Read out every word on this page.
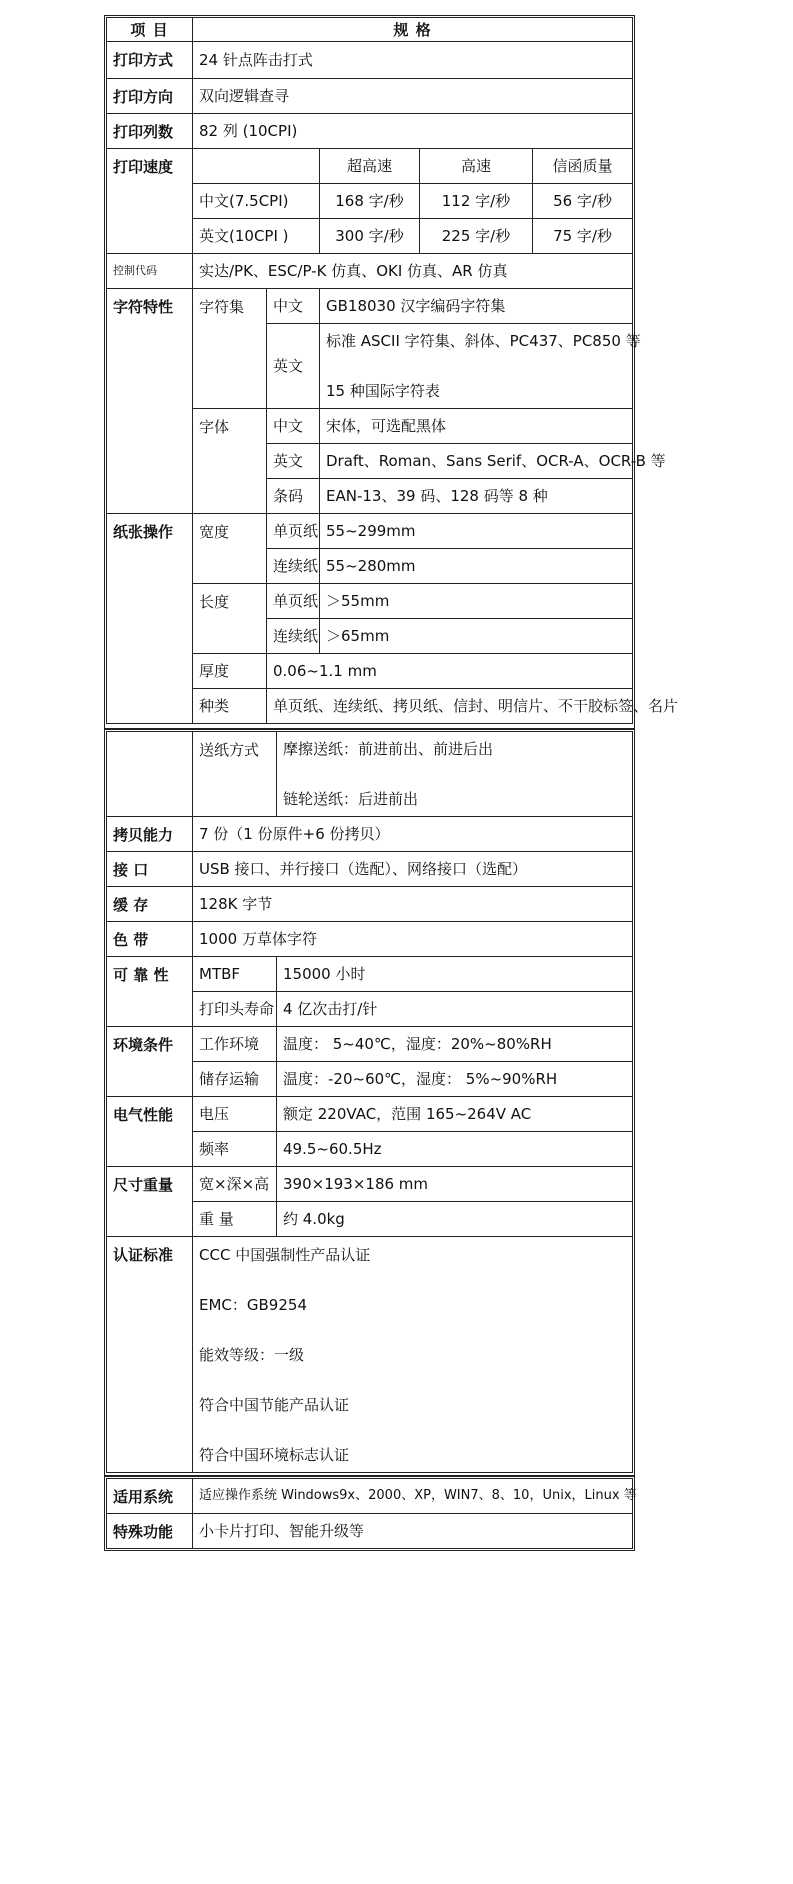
项 目	规 格				
打印方式	24 针点阵击打式				
打印方向	双向逻辑查寻				
打印列数	82 列 (10CPI)				
打印速度			超高速	高速	信函质量
	中文(7.5CPI)		168 字/秒	112 字/秒	56 字/秒
	英文(10CPI )		300 字/秒	225 字/秒	75 字/秒
控制代码	实达/PK、ESC/P-K 仿真、OKI 仿真、AR 仿真				
字符特性	字符集	中文	GB18030 汉字编码字符集		
		英文	标准 ASCII 字符集、斜体、PC437、PC850 等
15 种国际字符表		

	字体	中文	宋体，可选配黑体		
		英文	Draft、Roman、Sans Serif、OCR-A、OCR-B 等		
		条码	EAN-13、39 码、128 码等 8 种		
纸张操作	宽度	单页纸	55~299mm		
		连续纸	55~280mm		
	长度	单页纸	＞55mm		
		连续纸	＞65mm		
	厚度	0.06~1.1 mm			
	种类	单页纸、连续纸、拷贝纸、信封、明信片、不干胶标签、名片			
	送纸方式	摩擦送纸：前进前出、前进后出
链轮送纸：后进前出

拷贝能力	7 份（1 份原件+6 份拷贝）	
接 口	USB 接口、并行接口（选配）、网络接口（选配）	
缓 存	128K 字节	
色 带	1000 万草体字符	
可 靠 性	MTBF	15000 小时
	打印头寿命	4 亿次击打/针
环境条件	工作环境	温度： 5~40℃，湿度：20%~80%RH
	储存运输	温度：-20~60℃，湿度： 5%~90%RH
电气性能	电压	额定 220VAC，范围 165~264V AC
	频率	49.5~60.5Hz
尺寸重量	宽×深×高	390×193×186 mm
	重 量	约 4.0kg
认证标准	CCC 中国强制性产品认证
EMC：GB9254
能效等级：一级
符合中国节能产品认证
符合中国环境标志认证	
适用系统	适应操作系统 Windows9x、2000、XP，WIN7、8、10，Unix，Linux 等
特殊功能	小卡片打印、智能升级等
